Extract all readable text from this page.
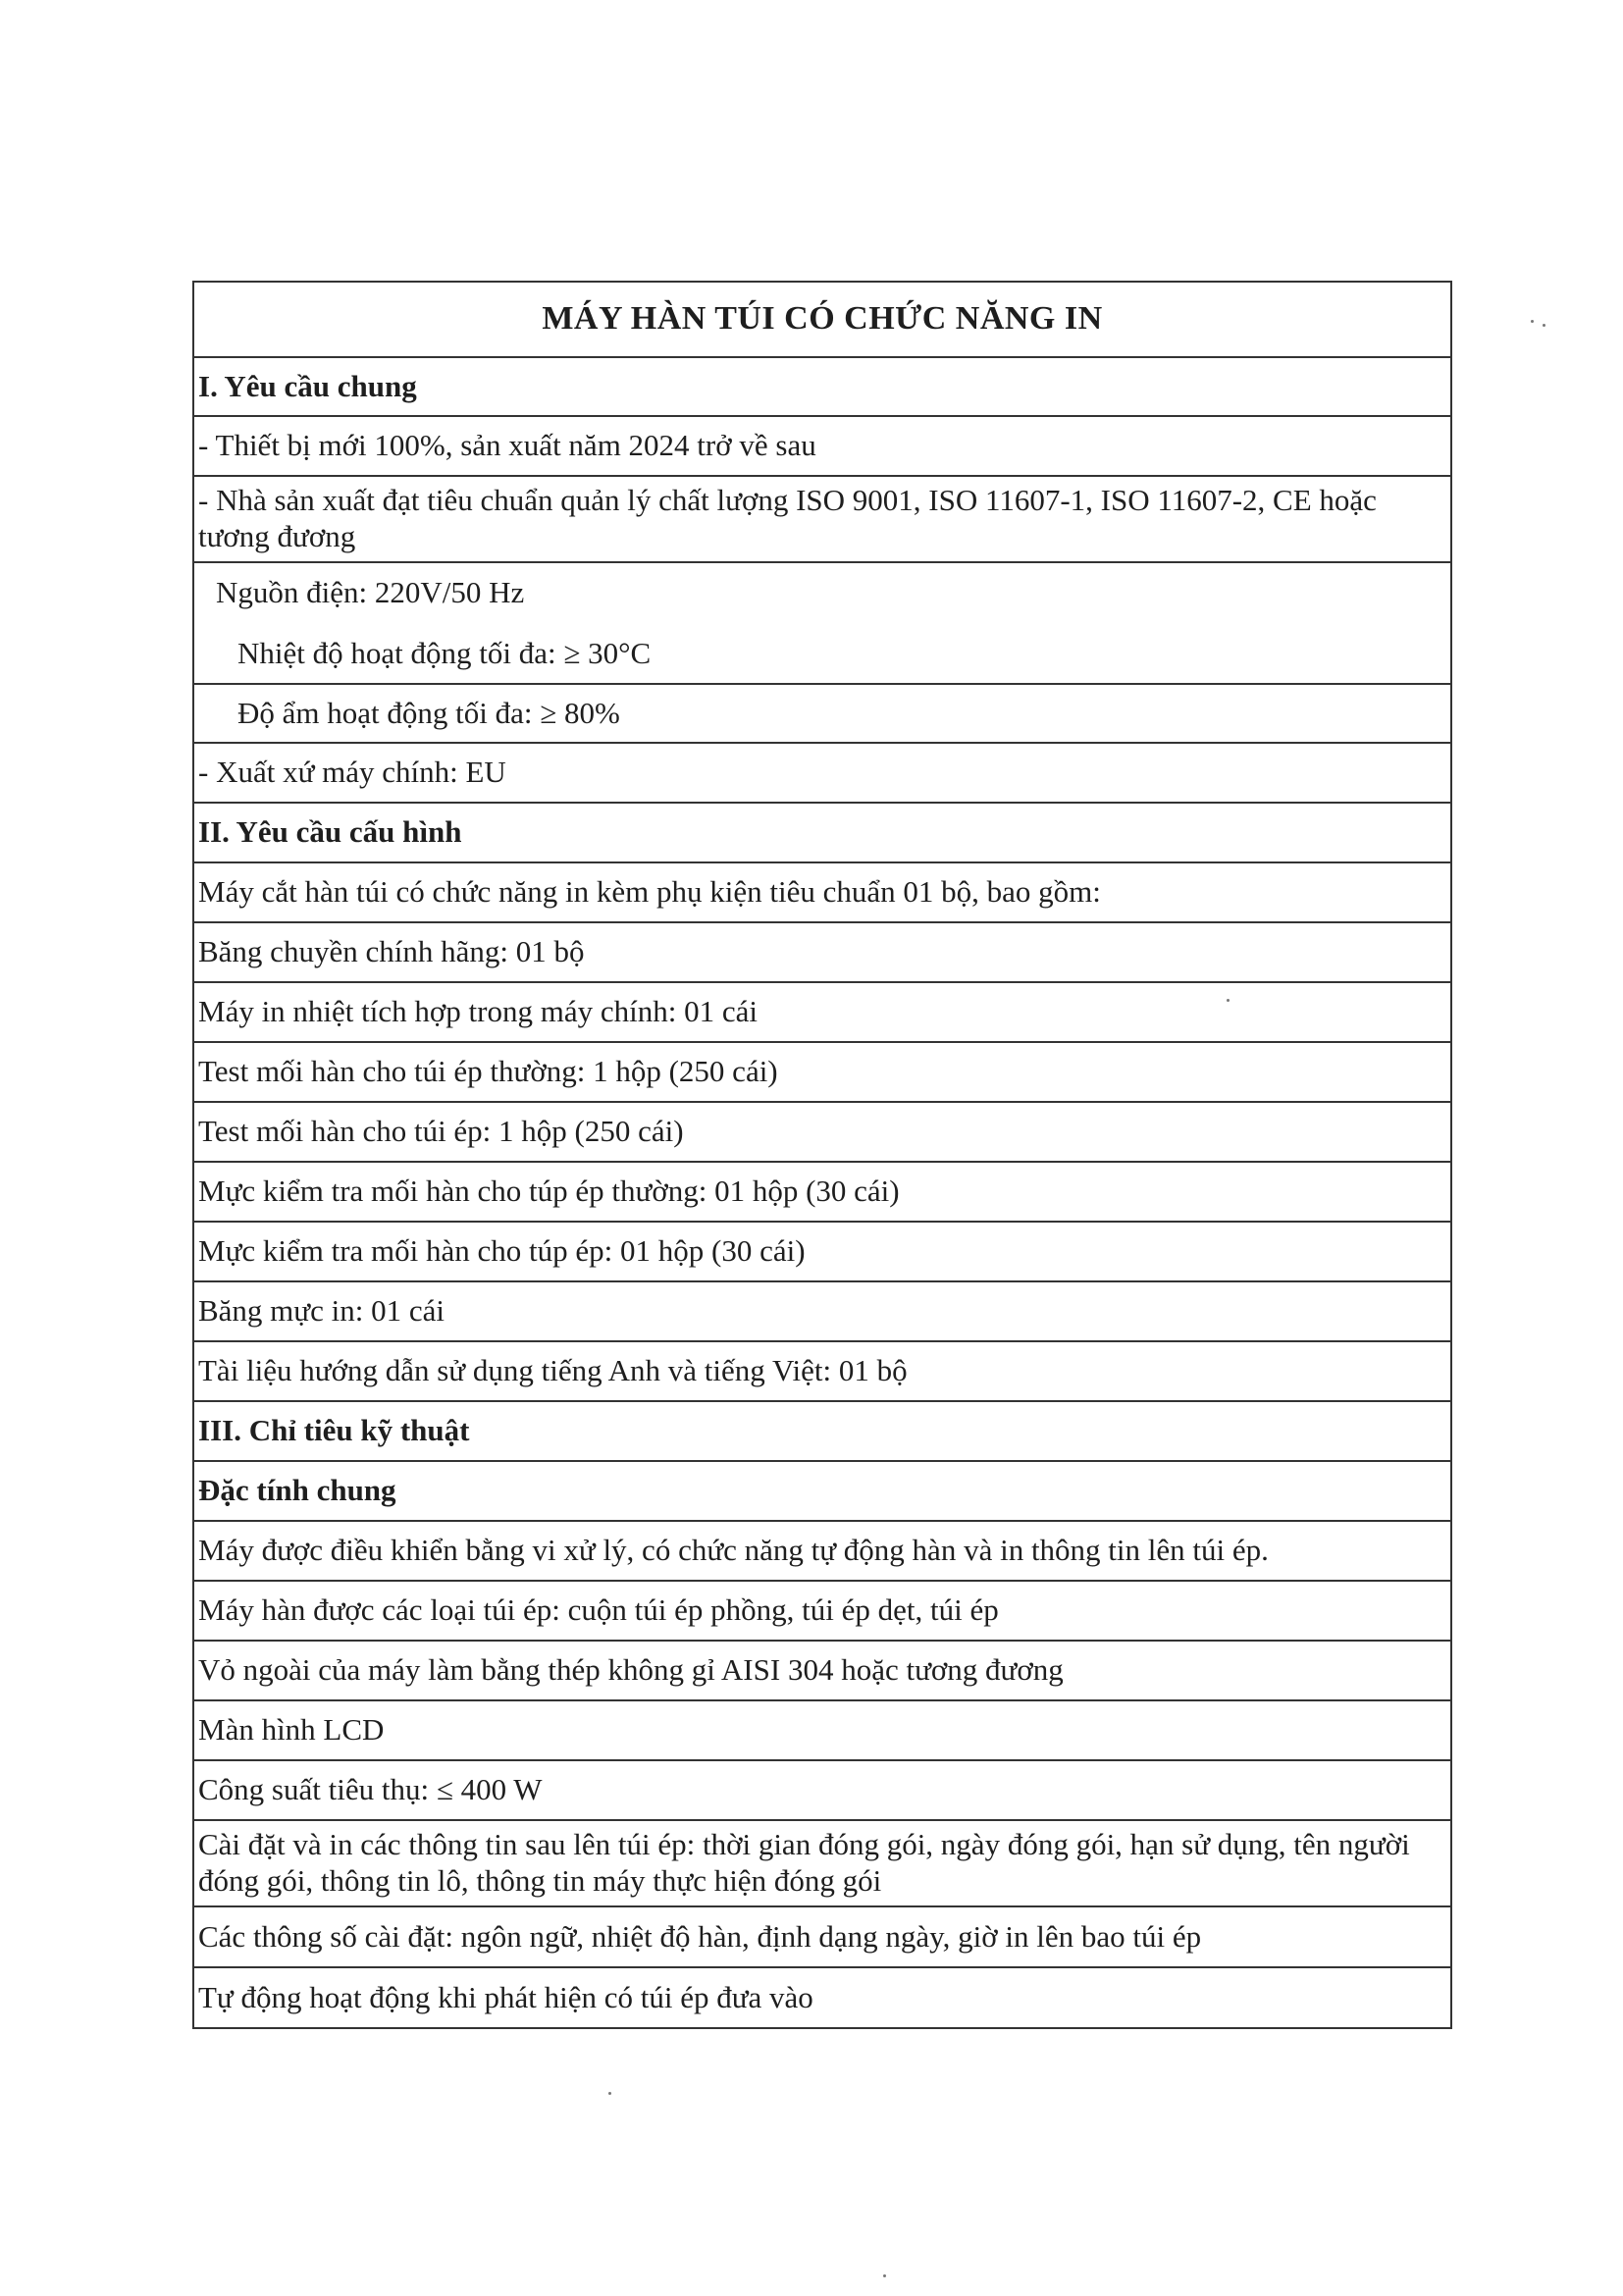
MÁY HÀN TÚI CÓ CHỨC NĂNG IN
I. Yêu cầu chung
- Thiết bị mới 100%, sản xuất năm 2024 trở về sau
- Nhà sản xuất đạt tiêu chuẩn quản lý chất lượng ISO 9001, ISO 11607-1, ISO 11607-2, CE hoặc tương đương
Nguồn điện: 220V/50 Hz
Nhiệt độ hoạt động tối đa: ≥ 30°C
Độ ẩm hoạt động tối đa: ≥ 80%
- Xuất xứ máy chính: EU
II. Yêu cầu cấu hình
Máy cắt hàn túi có chức năng in kèm phụ kiện tiêu chuẩn 01 bộ, bao gồm:
Băng chuyền chính hãng: 01 bộ
Máy in nhiệt tích hợp trong máy chính: 01 cái
Test mối hàn cho túi ép thường: 1 hộp (250 cái)
Test mối hàn cho túi ép: 1 hộp (250 cái)
Mực kiểm tra mối hàn cho túp ép thường: 01 hộp (30 cái)
Mực kiểm tra mối hàn cho túp ép: 01 hộp (30 cái)
Băng mực in: 01 cái
Tài liệu hướng dẫn sử dụng tiếng Anh và tiếng Việt: 01 bộ
III. Chỉ tiêu kỹ thuật
Đặc tính chung
Máy được điều khiển bằng vi xử lý, có chức năng tự động hàn và in thông tin lên túi ép.
Máy hàn được các loại túi ép: cuộn túi ép phồng, túi ép dẹt, túi ép
Vỏ ngoài của máy làm bằng thép không gỉ AISI 304 hoặc tương đương
Màn hình LCD
Công suất tiêu thụ: ≤ 400 W
Cài đặt và in các thông tin sau lên túi ép: thời gian đóng gói, ngày đóng gói, hạn sử dụng, tên người đóng gói, thông tin lô, thông tin máy thực hiện đóng gói
Các thông số cài đặt: ngôn ngữ, nhiệt độ hàn, định dạng ngày, giờ in lên bao túi ép
Tự động hoạt động khi phát hiện có túi ép đưa vào
